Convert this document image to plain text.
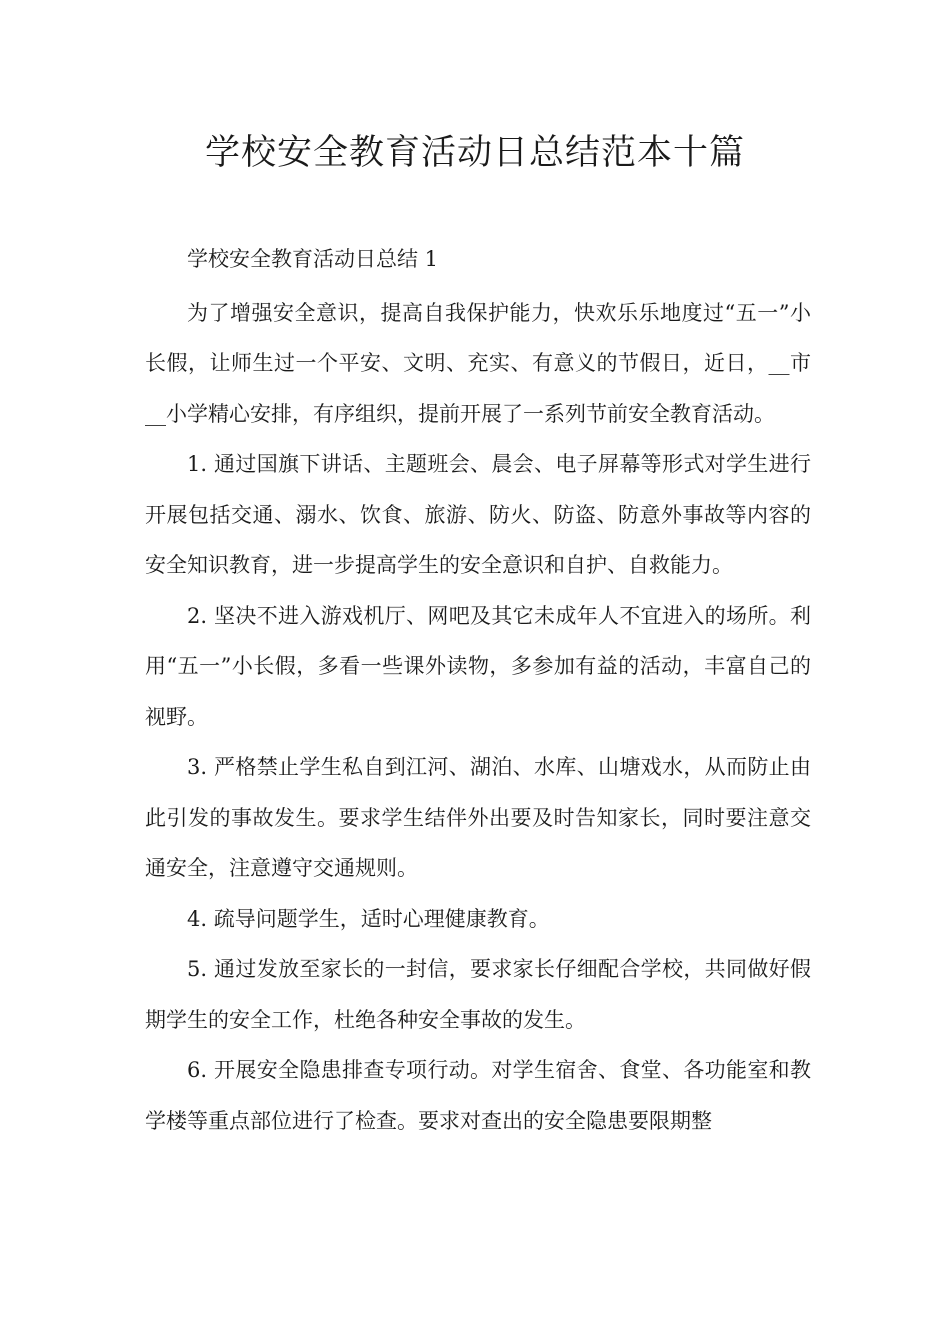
学校安全教育活动日总结范本十篇

学校安全教育活动日总结 1

为了增强安全意识，提高自我保护能力，快欢乐乐地度过“五一”小长假，让师生过一个平安、文明、充实、有意义的节假日，近日，__市__小学精心安排，有序组织，提前开展了一系列节前安全教育活动。

1. 通过国旗下讲话、主题班会、晨会、电子屏幕等形式对学生进行开展包括交通、溺水、饮食、旅游、防火、防盗、防意外事故等内容的安全知识教育，进一步提高学生的安全意识和自护、自救能力。

2. 坚决不进入游戏机厅、网吧及其它未成年人不宜进入的场所。利用“五一”小长假，多看一些课外读物，多参加有益的活动，丰富自己的视野。

3. 严格禁止学生私自到江河、湖泊、水库、山塘戏水，从而防止由此引发的事故发生。要求学生结伴外出要及时告知家长，同时要注意交通安全，注意遵守交通规则。

4. 疏导问题学生，适时心理健康教育。

5. 通过发放至家长的一封信，要求家长仔细配合学校，共同做好假期学生的安全工作，杜绝各种安全事故的发生。

6. 开展安全隐患排查专项行动。对学生宿舍、食堂、各功能室和教学楼等重点部位进行了检查。要求对查出的安全隐患要限期整
